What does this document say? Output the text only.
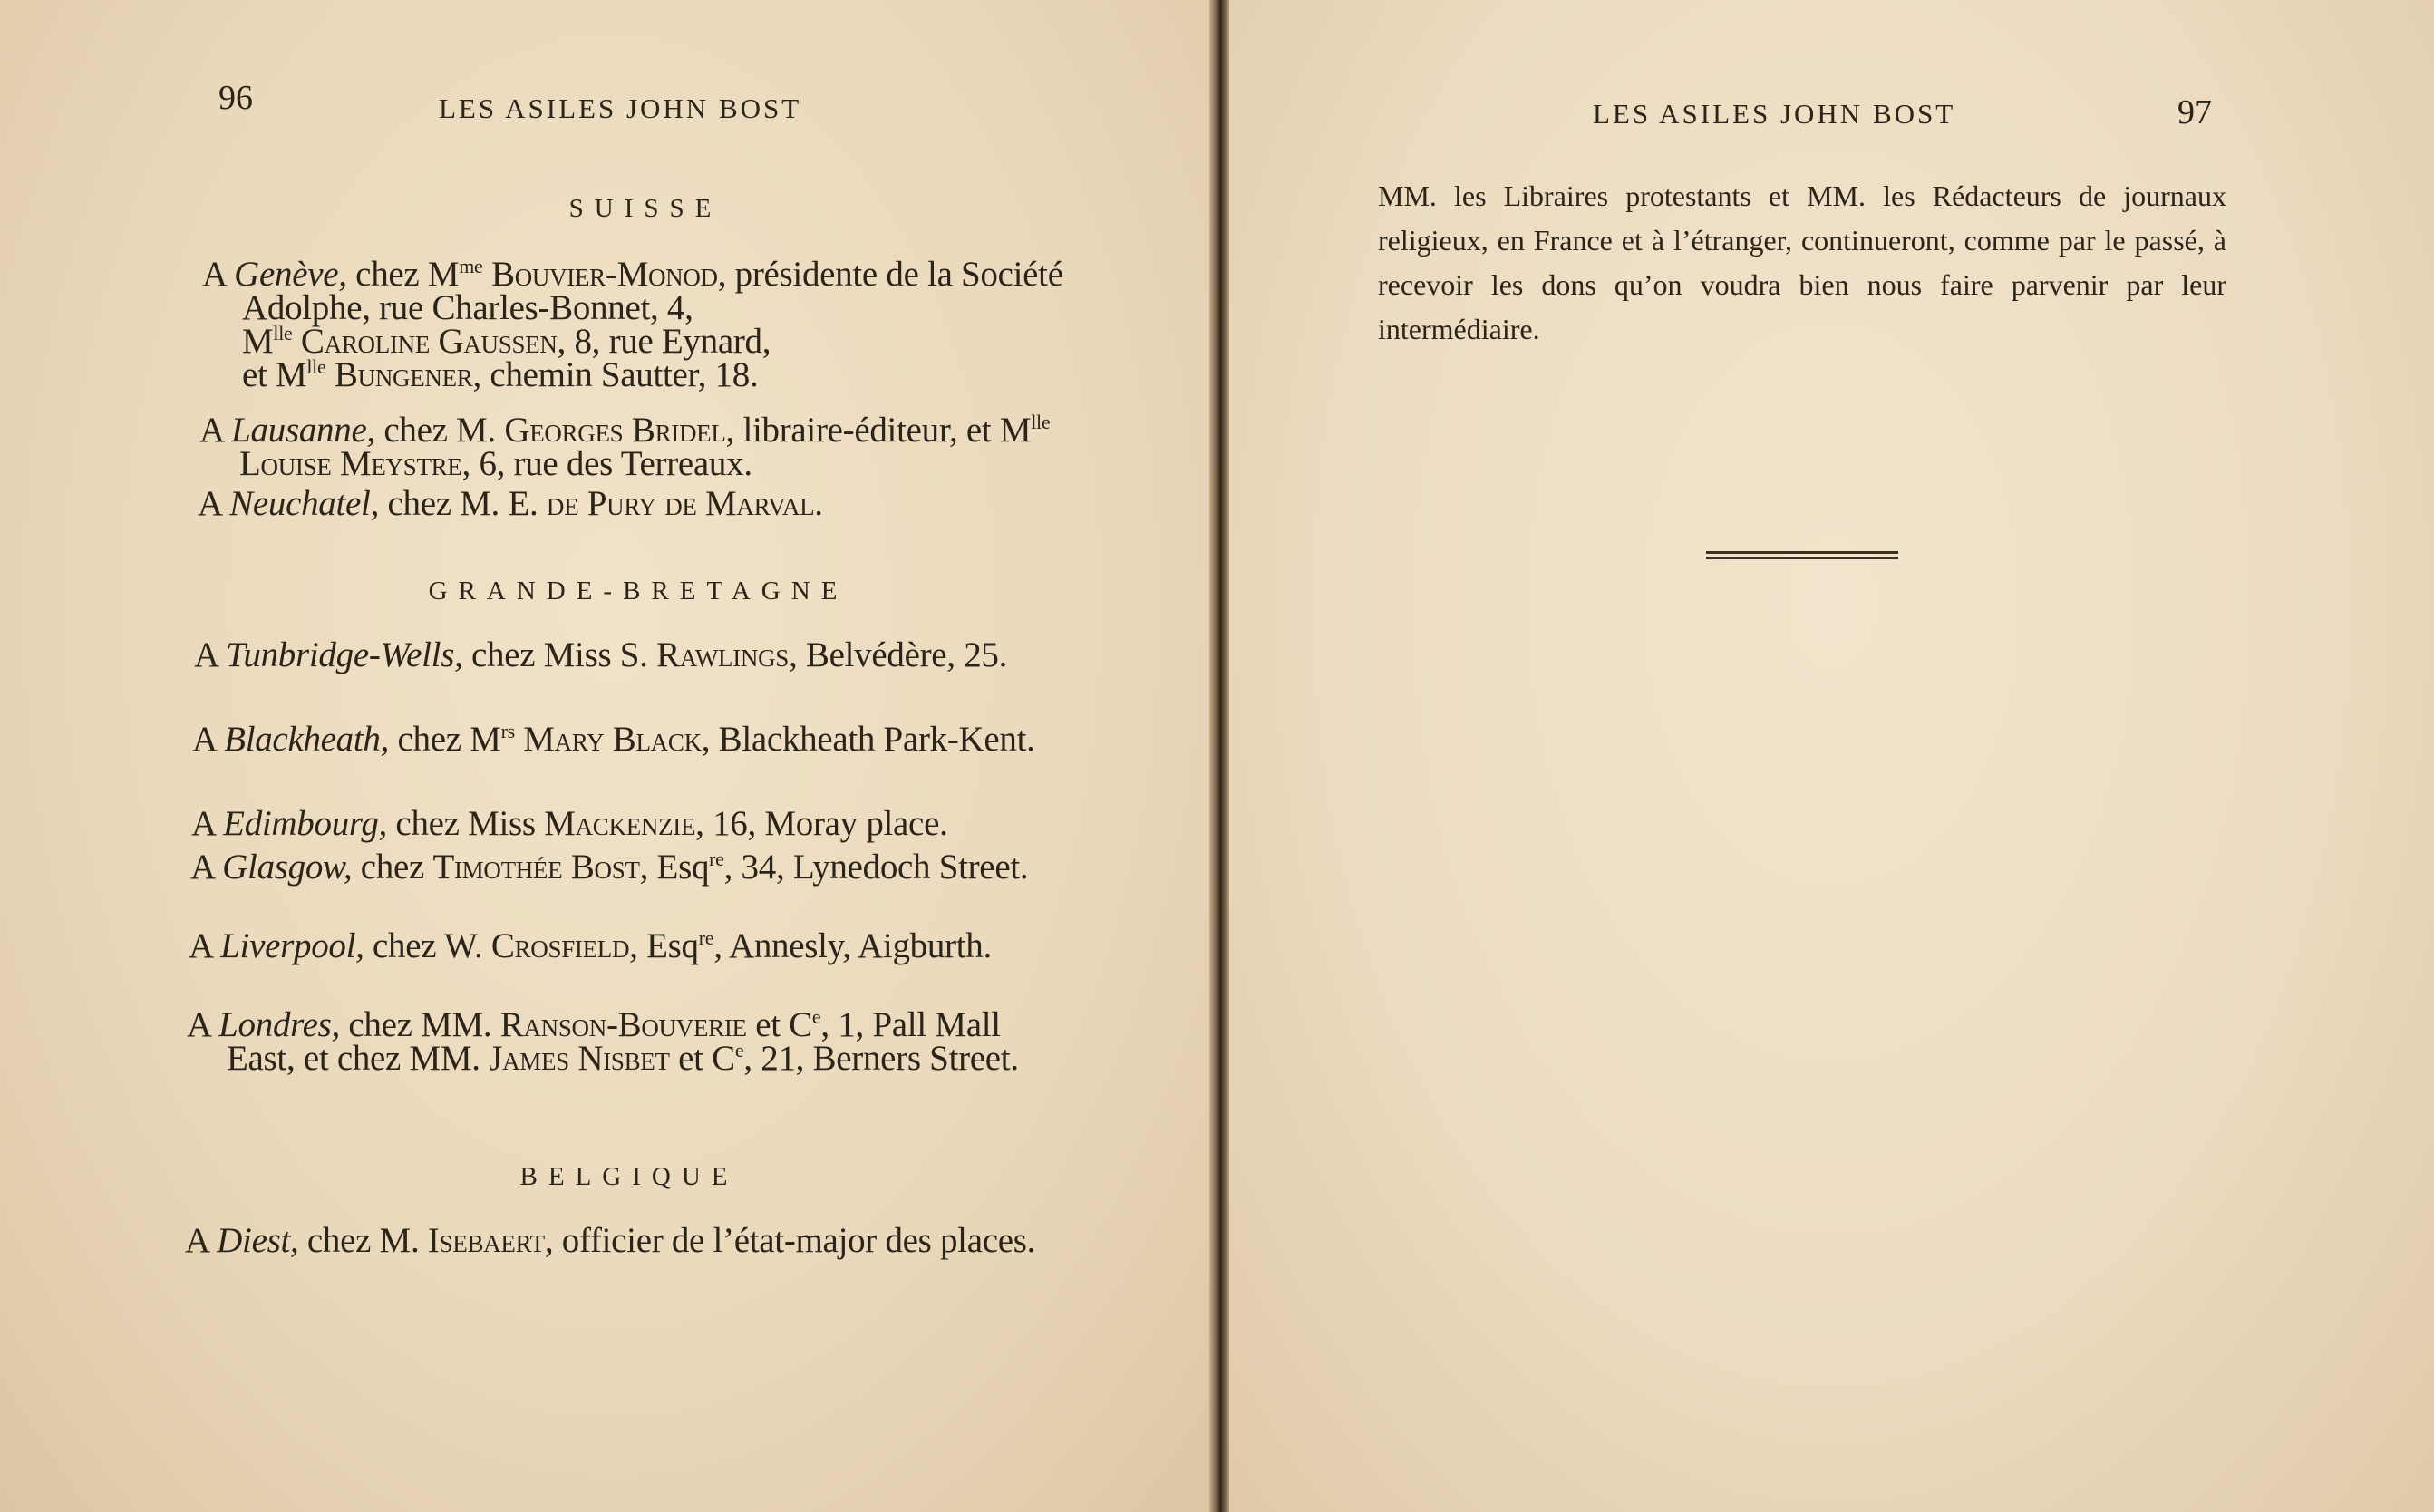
96	LES ASILES JOHN BOST
SUISSE
A Genève, chez $M^{me}$ Bouvier-Monod, présidente de la Société Adolphe, rue Charles-Bonnet, 4,
$M^{lle}$ Caroline Gaussen, 8, rue Eynard,
et $M^{lle}$ Bungener, chemin Sautter, 18.
A Lausanne, chez M. Georges Bridel, libraire-éditeur, et $M^{lle}$ Louise Meystre, 6, rue des Terreaux.
A Neuchatel, chez M. E. de Pury de Marval.
GRANDE-BRETAGNE
A Tunbridge-Wells, chez Miss S. Rawlings, Belvédère, 25.
A Blackheath, chez $M^{rs}$ Mary Black, Blackheath Park-Kent.
A Edimbourg, chez Miss Mackenzie, 16, Moray place.
A Glasgow, chez Timothée Bost, Esq$^{re}$, 34, Lynedoch Street.
A Liverpool, chez W. Crosfield, Esq$^{re}$, Annesly, Aigburth.
A Londres, chez MM. Ranson-Bouverie et Ce, 1, Pall Mall East, et chez MM. James Nisbet et Ce, 21, Berners Street.
BELGIQUE
A Diest, chez M. Isebaert, officier de l’état-major des places.
LES ASILES JOHN BOST	97
MM. les Libraires protestants et MM. les Rédacteurs de journaux religieux, en France et à l’étranger, continueront, comme par le passé, à recevoir les dons qu’on voudra bien nous faire parvenir par leur intermédiaire.
